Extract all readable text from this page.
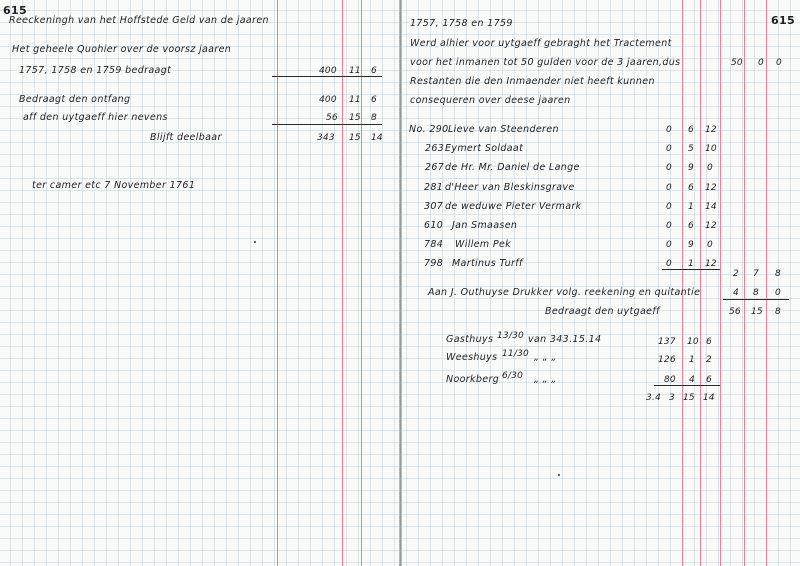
615
Reeckeningh van het Hoffstede Geld van de jaaren
Het geheele Quohier over de voorsz jaaren
1757, 1758 en 1759 bedraagt	400 11 6
Bedraagt den ontfang	400 11 6
aff den uytgaeff hier nevens	56 15 8
Blijft deelbaar	343 15 14
ter camer etc 7 November 1761
615
1757, 1758 en 1759
Werd alhier voor uytgaeff gebraght het Tractement
voor het inmanen tot 50 gulden voor de 3 jaaren,dus	50 0 0
Restanten die den Inmaender niet heeft kunnen
consequeren over deese jaaren
No. 290 Lieve van Steenderen	0 6 12
263 Eymert Soldaat	0 5 10
267 de Hr. Mr. Daniel de Lange	0 9 0
281 d'Heer van Bleskinsgrave	0 6 12
307 de weduwe Pieter Vermark	0 1 14
610 Jan Smaasen	0 6 12
784 Willem Pek	0 9 0
798 Martinus Turff	0 1 12
2 7 8
Aan J. Outhuyse Drukker volg. reekening en quitantie	4 8 0
Bedraagt den uytgaeff	56 15 8
Gasthuys 13/30 van 343.15.14	137 10 6
Weeshuys 11/30 „ „ „	126 1 2
Noorkberg 6/30 „ „ „	80 4 6
3.4 3 15 14
